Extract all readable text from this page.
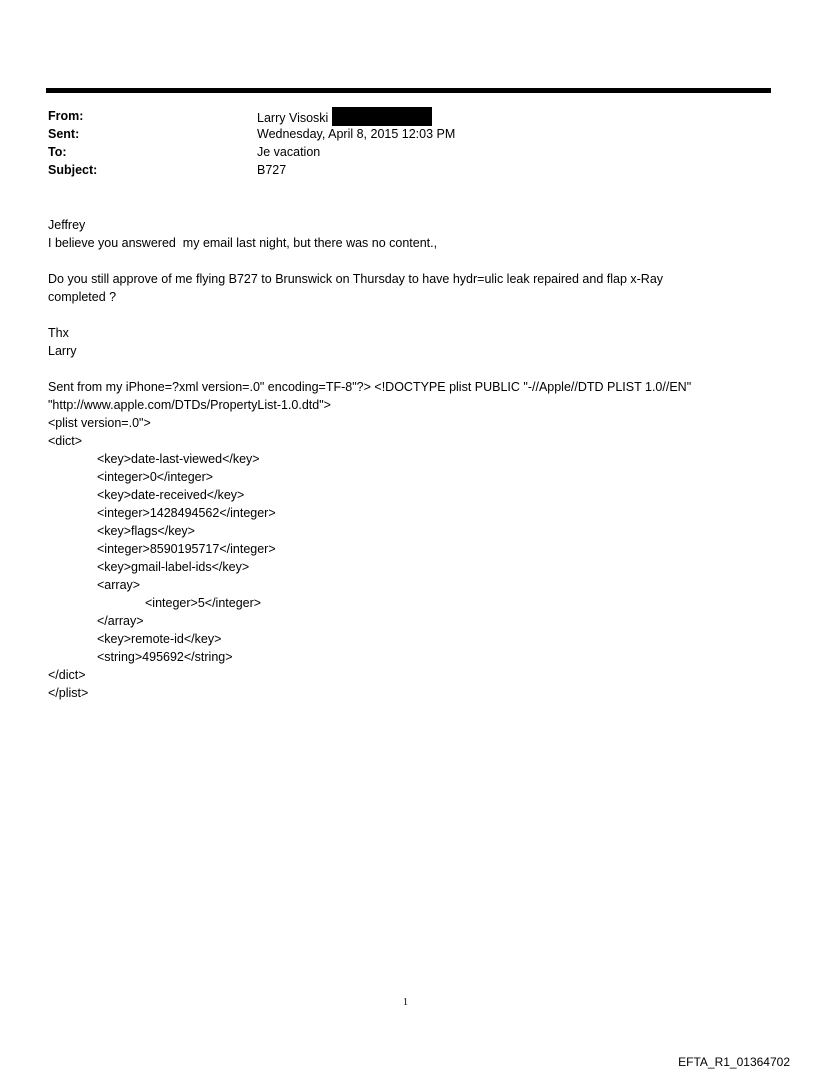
From:	Larry Visoski
Sent:	Wednesday, April 8, 2015 12:03 PM
To:	Je vacation
Subject:	B727
Jeffrey
I believe you answered  my email last night, but there was no content.,
Do you still approve of me flying B727 to Brunswick on Thursday to have hydr=ulic leak repaired and flap x-Ray
completed ?
Thx
Larry
Sent from my iPhone=?xml version=.0" encoding=TF-8"?> <!DOCTYPE plist PUBLIC "-//Apple//DTD PLIST 1.0//EN"
"http://www.apple.com/DTDs/PropertyList-1.0.dtd">
<plist version=.0">
<dict>
<key>date-last-viewed</key>
<integer>0</integer>
<key>date-received</key>
<integer>1428494562</integer>
<key>flags</key>
<integer>8590195717</integer>
<key>gmail-label-ids</key>
<array>
<integer>5</integer>
</array>
<key>remote-id</key>
<string>495692</string>
</dict>
</plist>
1
EFTA_R1_01364702
